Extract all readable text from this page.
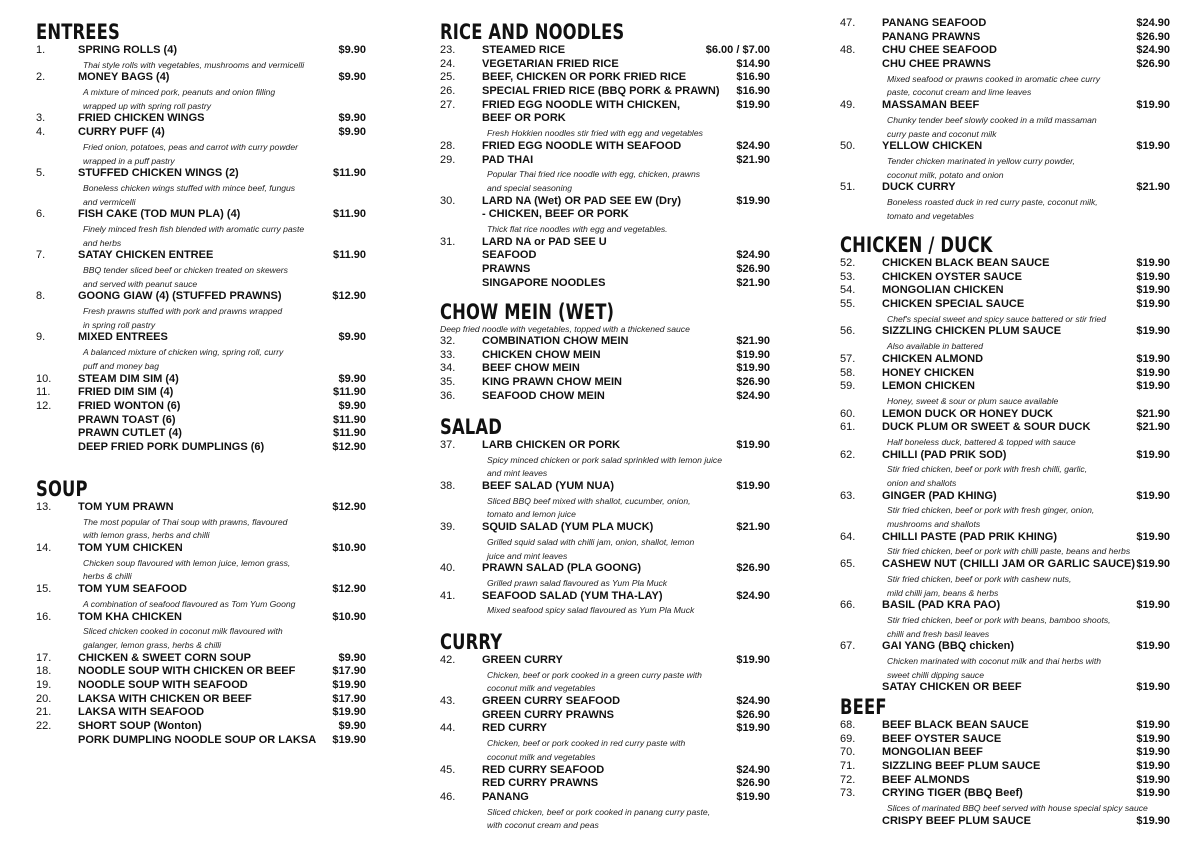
ENTREES
1.	SPRING ROLLS (4)	$9.90
Thai style rolls with vegetables, mushrooms and vermicelli
2.	MONEY BAGS (4)	$9.90
A mixture of minced pork, peanuts and onion filling
wrapped up with spring roll pastry
3.	FRIED CHICKEN WINGS	$9.90
4.	CURRY PUFF (4)	$9.90
Fried onion, potatoes, peas and carrot with curry powder
wrapped in a puff pastry
5.	STUFFED CHICKEN WINGS (2)	$11.90
Boneless chicken wings stuffed with mince beef, fungus
and vermicelli
6.	FISH CAKE (TOD MUN PLA) (4)	$11.90
Finely minced fresh fish blended with aromatic curry paste
and herbs
7.	SATAY CHICKEN ENTREE	$11.90
BBQ tender sliced beef or chicken treated on skewers
and served with peanut sauce
8.	GOONG GIAW (4) (STUFFED PRAWNS)	$12.90
Fresh prawns stuffed with pork and prawns wrapped
in spring roll pastry
9.	MIXED ENTREES	$9.90
A balanced mixture of chicken wing, spring roll, curry
puff and money bag
10. STEAM DIM SIM (4)	$9.90
11.	FRIED DIM SIM (4)	$11.90
12. FRIED WONTON (6)	$9.90
PRAWN TOAST (6)	$11.90
PRAWN CUTLET (4)	$11.90
DEEP FRIED PORK DUMPLINGS (6)	$12.90
SOUP
13. TOM YUM PRAWN	$12.90
The most popular of Thai soup with prawns, flavoured
with lemon grass, herbs and chilli
14. TOM YUM CHICKEN	$10.90
Chicken soup flavoured with lemon juice, lemon grass,
herbs & chilli
15. TOM YUM SEAFOOD	$12.90
A combination of seafood flavoured as Tom Yum Goong
16. TOM KHA CHICKEN	$10.90
Sliced chicken cooked in coconut milk flavoured with
galanger, lemon grass, herbs & chilli
17. CHICKEN & SWEET CORN SOUP	$9.90
18. NOODLE SOUP WITH CHICKEN OR BEEF	$17.90
19. NOODLE SOUP WITH SEAFOOD	$19.90
20. LAKSA WITH CHICKEN OR BEEF	$17.90
21. LAKSA WITH SEAFOOD	$19.90
22. SHORT SOUP (Wonton)	$9.90
PORK DUMPLING NOODLE SOUP OR LAKSA $19.90
RICE AND NOODLES
23. STEAMED RICE	$6.00 / $7.00
24. VEGETARIAN FRIED RICE	$14.90
25. BEEF, CHICKEN OR PORK FRIED RICE	$16.90
26. SPECIAL FRIED RICE (BBQ PORK & PRAWN) $16.90
27. FRIED EGG NOODLE WITH CHICKEN,	$19.90
BEEF OR PORK
Fresh Hokkien noodles stir fried with egg and vegetables
28. FRIED EGG NOODLE WITH SEAFOOD	$24.90
29. PAD THAI	$21.90
Popular Thai fried rice noodle with egg, chicken, prawns
and special seasoning
30. LARD NA (Wet) OR PAD SEE EW (Dry)	$19.90
- CHICKEN, BEEF OR PORK
Thick flat rice noodles with egg and vegetables.
31. LARD NA or PAD SEE U
SEAFOOD	$24.90
PRAWNS	$26.90
SINGAPORE NOODLES	$21.90
CHOW MEIN (WET)
Deep fried noodle with vegetables, topped with a thickened sauce
32. COMBINATION CHOW MEIN	$21.90
33. CHICKEN CHOW MEIN	$19.90
34. BEEF CHOW MEIN	$19.90
35. KING PRAWN CHOW MEIN	$26.90
36. SEAFOOD CHOW MEIN	$24.90
SALAD
37. LARB CHICKEN OR PORK	$19.90
Spicy minced chicken or pork salad sprinkled with lemon juice
and mint leaves
38. BEEF SALAD (YUM NUA)	$19.90
Sliced BBQ beef mixed with shallot, cucumber, onion,
tomato and lemon juice
39. SQUID SALAD (YUM PLA MUCK)	$21.90
Grilled squid salad with chilli jam, onion, shallot, lemon
juice and mint leaves
40. PRAWN SALAD (PLA GOONG)	$26.90
Grilled prawn salad flavoured as Yum Pla Muck
41. SEAFOOD SALAD (YUM THA-LAY)	$24.90
Mixed seafood spicy salad flavoured as Yum Pla Muck
CURRY
42. GREEN CURRY	$19.90
Chicken, beef or pork cooked in a green curry paste with
coconut milk and vegetables
43. GREEN CURRY SEAFOOD	$24.90
GREEN CURRY PRAWNS	$26.90
44. RED CURRY	$19.90
Chicken, beef or pork cooked in red curry paste with
coconut milk and vegetables
45. RED CURRY SEAFOOD	$24.90
RED CURRY PRAWNS	$26.90
46. PANANG	$19.90
Sliced chicken, beef or pork cooked in panang curry paste,
with coconut cream and peas
47. PANANG SEAFOOD	$24.90
PANANG PRAWNS	$26.90
48. CHU CHEE SEAFOOD	$24.90
CHU CHEE PRAWNS	$26.90
Mixed seafood or prawns cooked in aromatic chee curry
paste, coconut cream and lime leaves
49. MASSAMAN BEEF	$19.90
Chunky tender beef slowly cooked in a mild massaman
curry paste and coconut milk
50. YELLOW CHICKEN	$19.90
Tender chicken marinated in yellow curry powder,
coconut milk, potato and onion
51. DUCK CURRY	$21.90
Boneless roasted duck in red curry paste, coconut milk,
tomato and vegetables
CHICKEN / DUCK
52. CHICKEN BLACK BEAN SAUCE	$19.90
53. CHICKEN OYSTER SAUCE	$19.90
54. MONGOLIAN CHICKEN	$19.90
55. CHICKEN SPECIAL SAUCE	$19.90
Chef's special sweet and spicy sauce battered or stir fried
56. SIZZLING CHICKEN PLUM SAUCE	$19.90
Also available in battered
57. CHICKEN ALMOND	$19.90
58. HONEY CHICKEN	$19.90
59. LEMON CHICKEN	$19.90
Honey, sweet & sour or plum sauce available
60. LEMON DUCK OR HONEY DUCK	$21.90
61. DUCK PLUM OR SWEET & SOUR DUCK	$21.90
Half boneless duck, battered & topped with sauce
62. CHILLI (PAD PRIK SOD)	$19.90
Stir fried chicken, beef or pork with fresh chilli, garlic,
onion and shallots
63. GINGER (PAD KHING)	$19.90
Stir fried chicken, beef or pork with fresh ginger, onion,
mushrooms and shallots
64. CHILLI PASTE (PAD PRIK KHING)	$19.90
Stir fried chicken, beef or pork with chilli paste, beans and herbs
65. CASHEW NUT (CHILLI JAM OR GARLIC SAUCE) $19.90
Stir fried chicken, beef or pork with cashew nuts,
mild chilli jam, beans & herbs
66. BASIL (PAD KRA PAO)	$19.90
Stir fried chicken, beef or pork with beans, bamboo shoots,
chilli and fresh basil leaves
67. GAI YANG (BBQ chicken)	$19.90
Chicken marinated with coconut milk and thai herbs with
sweet chilli dipping sauce
SATAY CHICKEN OR BEEF	$19.90
BEEF
68. BEEF BLACK BEAN SAUCE	$19.90
69. BEEF OYSTER SAUCE	$19.90
70. MONGOLIAN BEEF	$19.90
71. SIZZLING BEEF PLUM SAUCE	$19.90
72. BEEF ALMONDS	$19.90
73. CRYING TIGER (BBQ Beef)	$19.90
Slices of marinated BBQ beef served with house special spicy sauce
CRISPY BEEF PLUM SAUCE	$19.90
